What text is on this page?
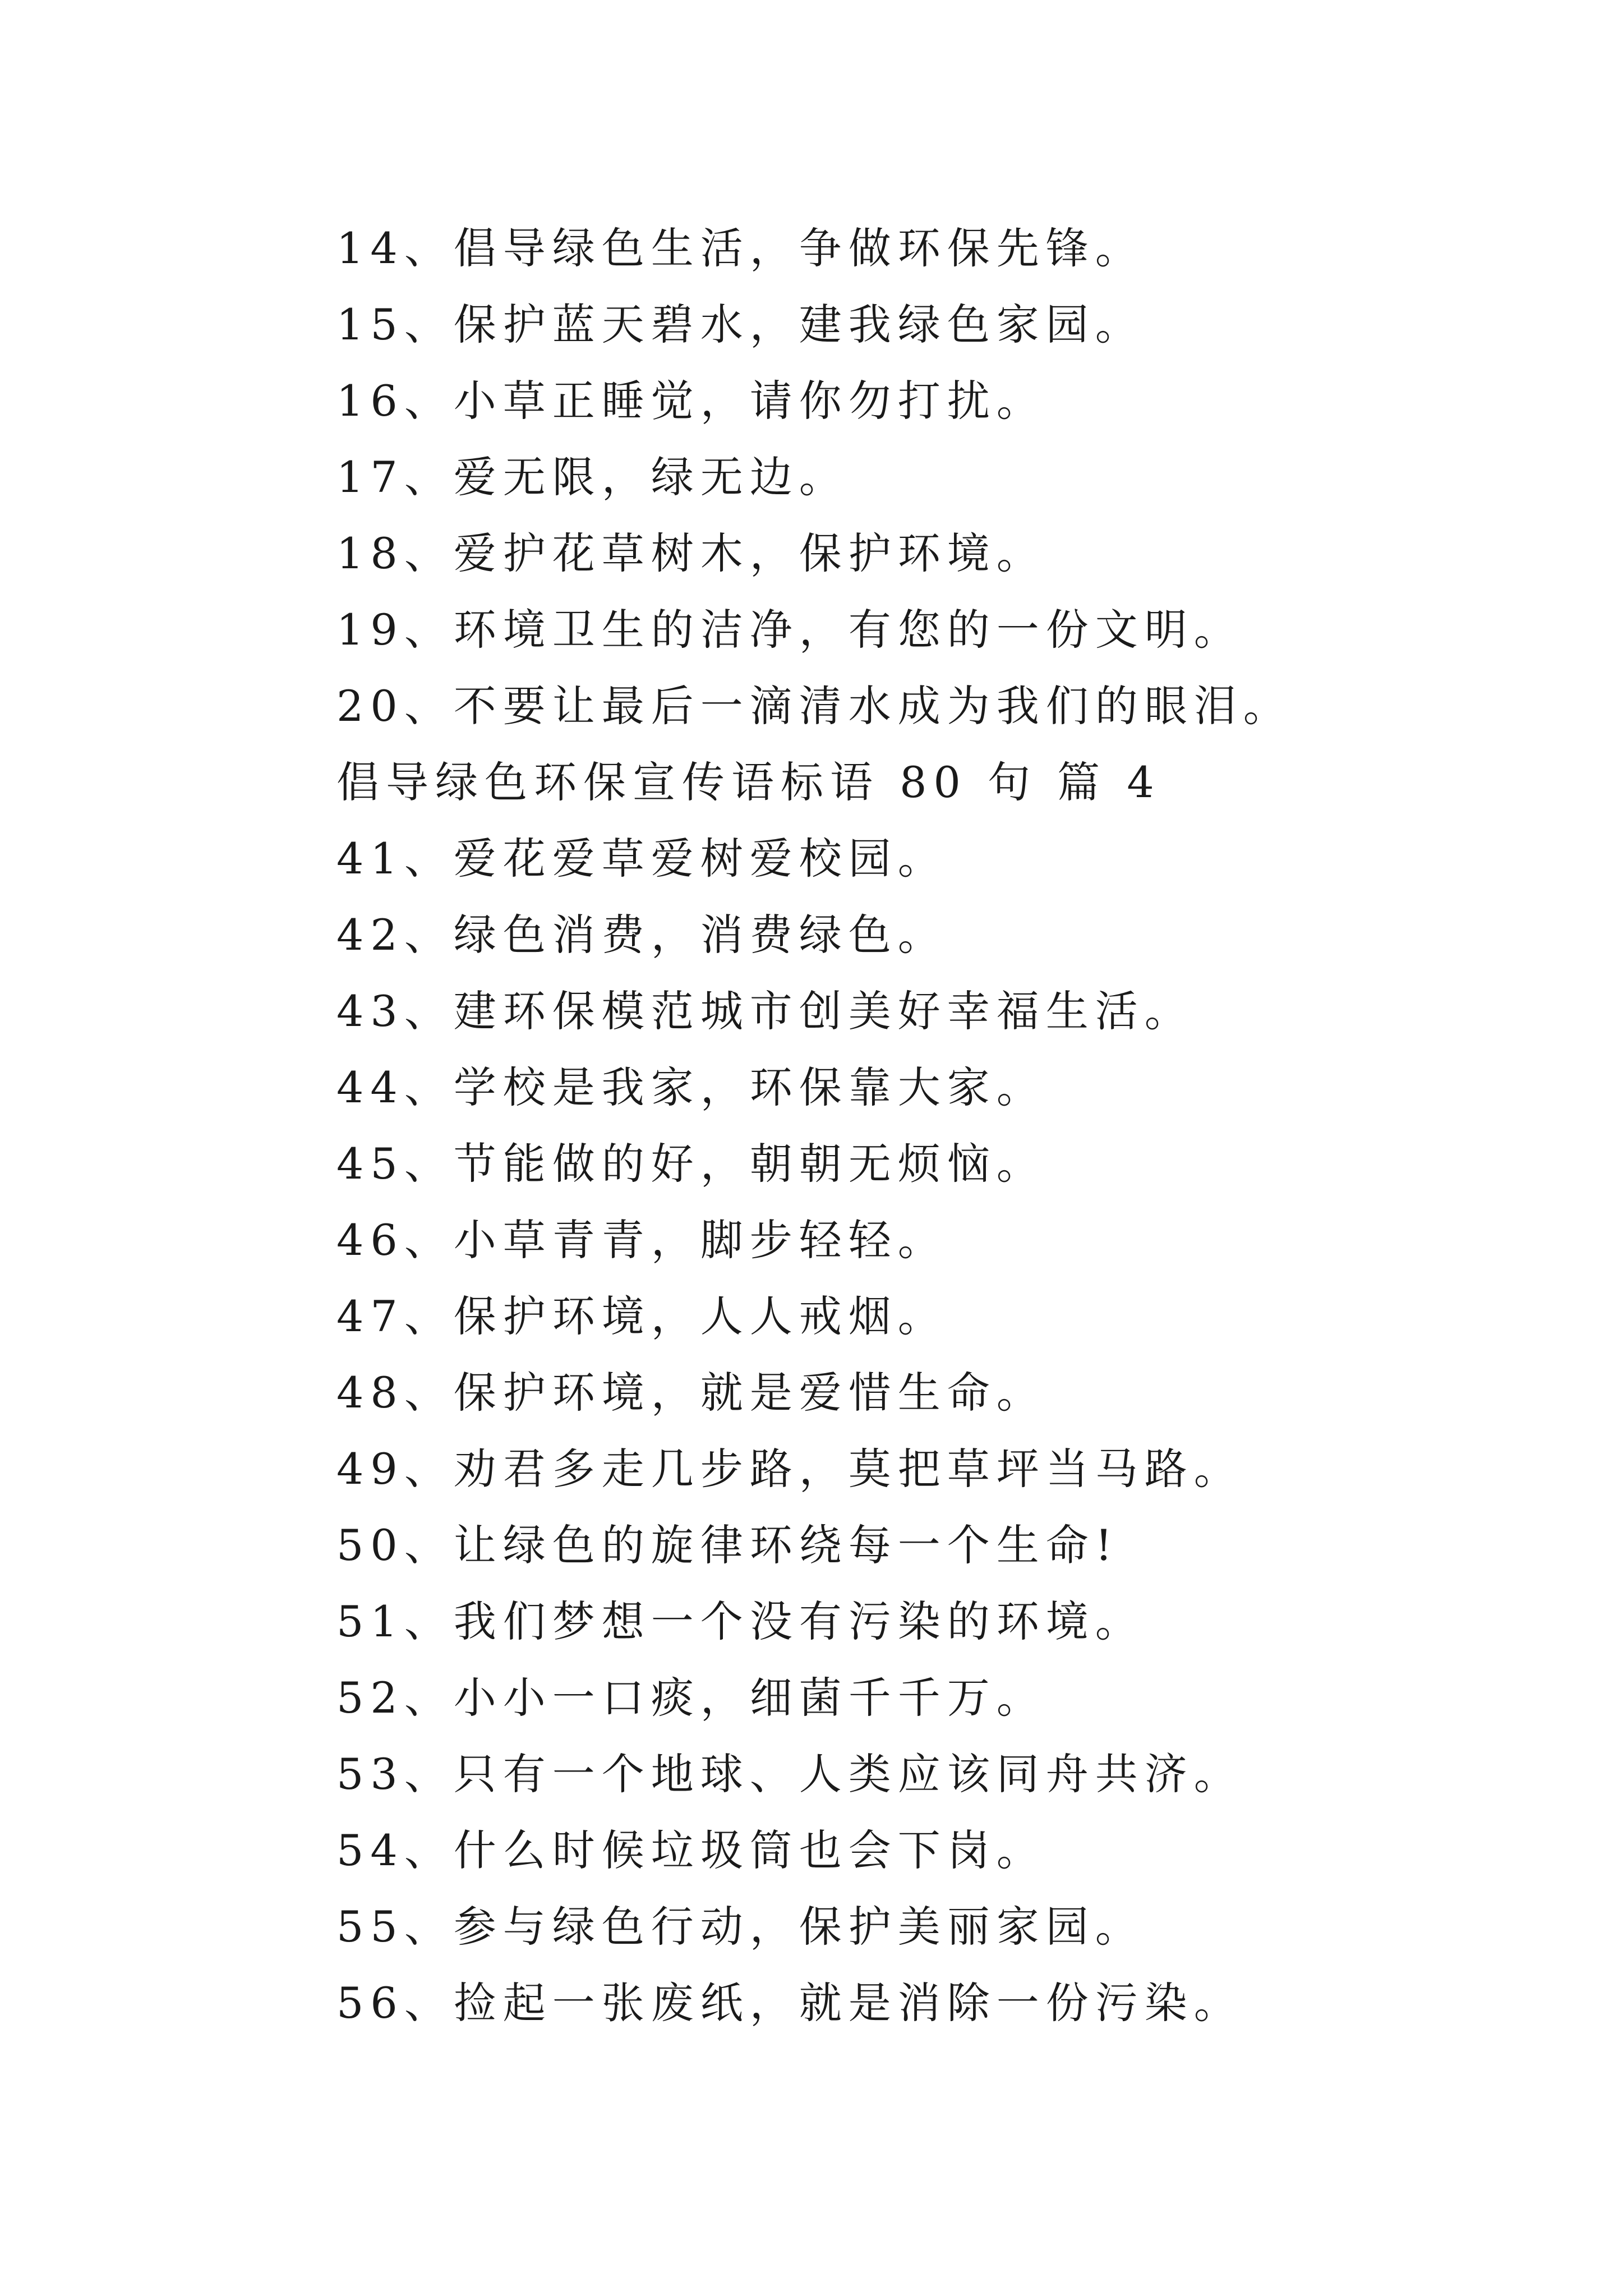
14、倡导绿色生活，争做环保先锋。
15、保护蓝天碧水，建我绿色家园。
16、小草正睡觉，请你勿打扰。
17、爱无限，绿无边。
18、爱护花草树木，保护环境。
19、环境卫生的洁净，有您的一份文明。
20、不要让最后一滴清水成为我们的眼泪。
倡导绿色环保宣传语标语 80 句 篇 4
41、爱花爱草爱树爱校园。
42、绿色消费，消费绿色。
43、建环保模范城市创美好幸福生活。
44、学校是我家，环保靠大家。
45、节能做的好，朝朝无烦恼。
46、小草青青，脚步轻轻。
47、保护环境，人人戒烟。
48、保护环境，就是爱惜生命。
49、劝君多走几步路，莫把草坪当马路。
50、让绿色的旋律环绕每一个生命!
51、我们梦想一个没有污染的环境。
52、小小一口痰，细菌千千万。
53、只有一个地球、人类应该同舟共济。
54、什么时候垃圾筒也会下岗。
55、参与绿色行动，保护美丽家园。
56、捡起一张废纸，就是消除一份污染。
